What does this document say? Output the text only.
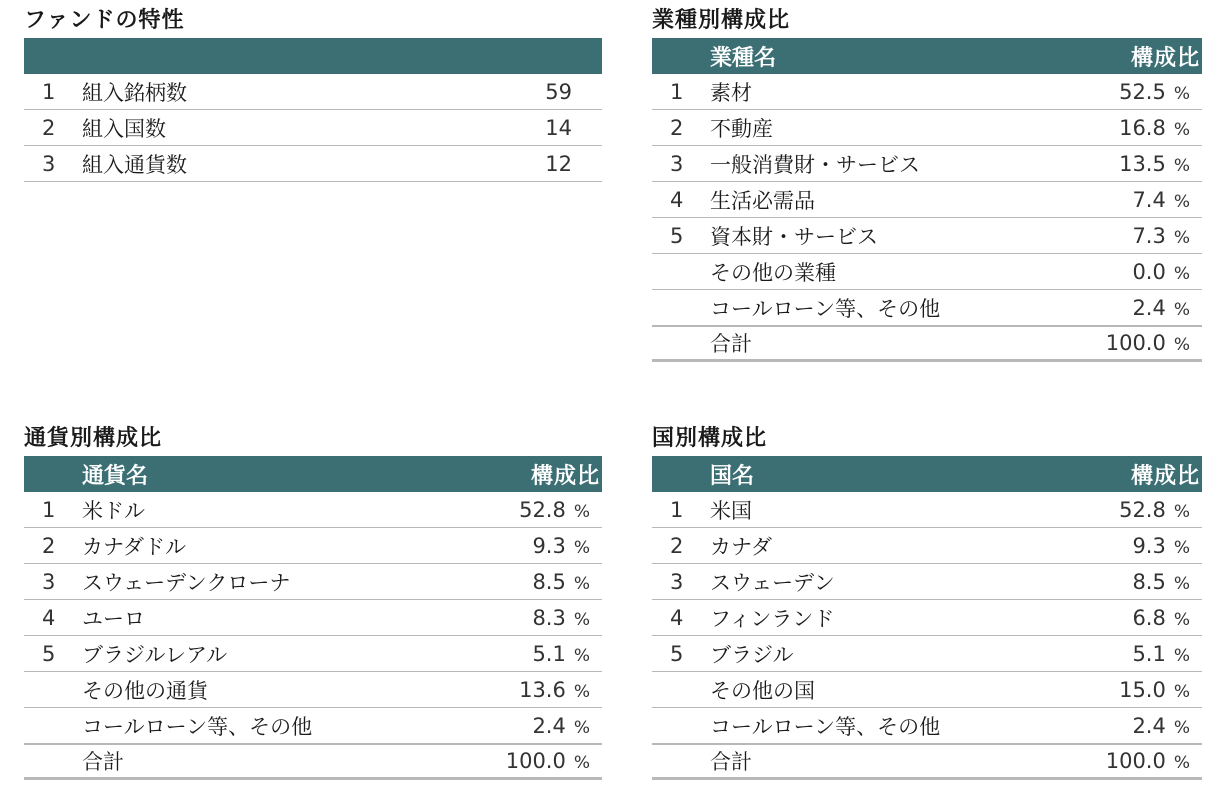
ファンドの特性
1	組入銘柄数	59
2	組入国数	14
3	組入通貨数	12
業種別構成比
業種名	構成比
1	素材	52.5 %
2	不動産	16.8 %
3	一般消費財・サービス	13.5 %
4	生活必需品	7.4 %
5	資本財・サービス	7.3 %
その他の業種	0.0 %
コールローン等、その他	2.4 %
合計	100.0 %
通貨別構成比
通貨名	構成比
1	米ドル	52.8 %
2	カナダドル	9.3 %
3	スウェーデンクローナ	8.5 %
4	ユーロ	8.3 %
5	ブラジルレアル	5.1 %
その他の通貨	13.6 %
コールローン等、その他	2.4 %
合計	100.0 %
国別構成比
国名	構成比
1	米国	52.8 %
2	カナダ	9.3 %
3	スウェーデン	8.5 %
4	フィンランド	6.8 %
5	ブラジル	5.1 %
その他の国	15.0 %
コールローン等、その他	2.4 %
合計	100.0 %
